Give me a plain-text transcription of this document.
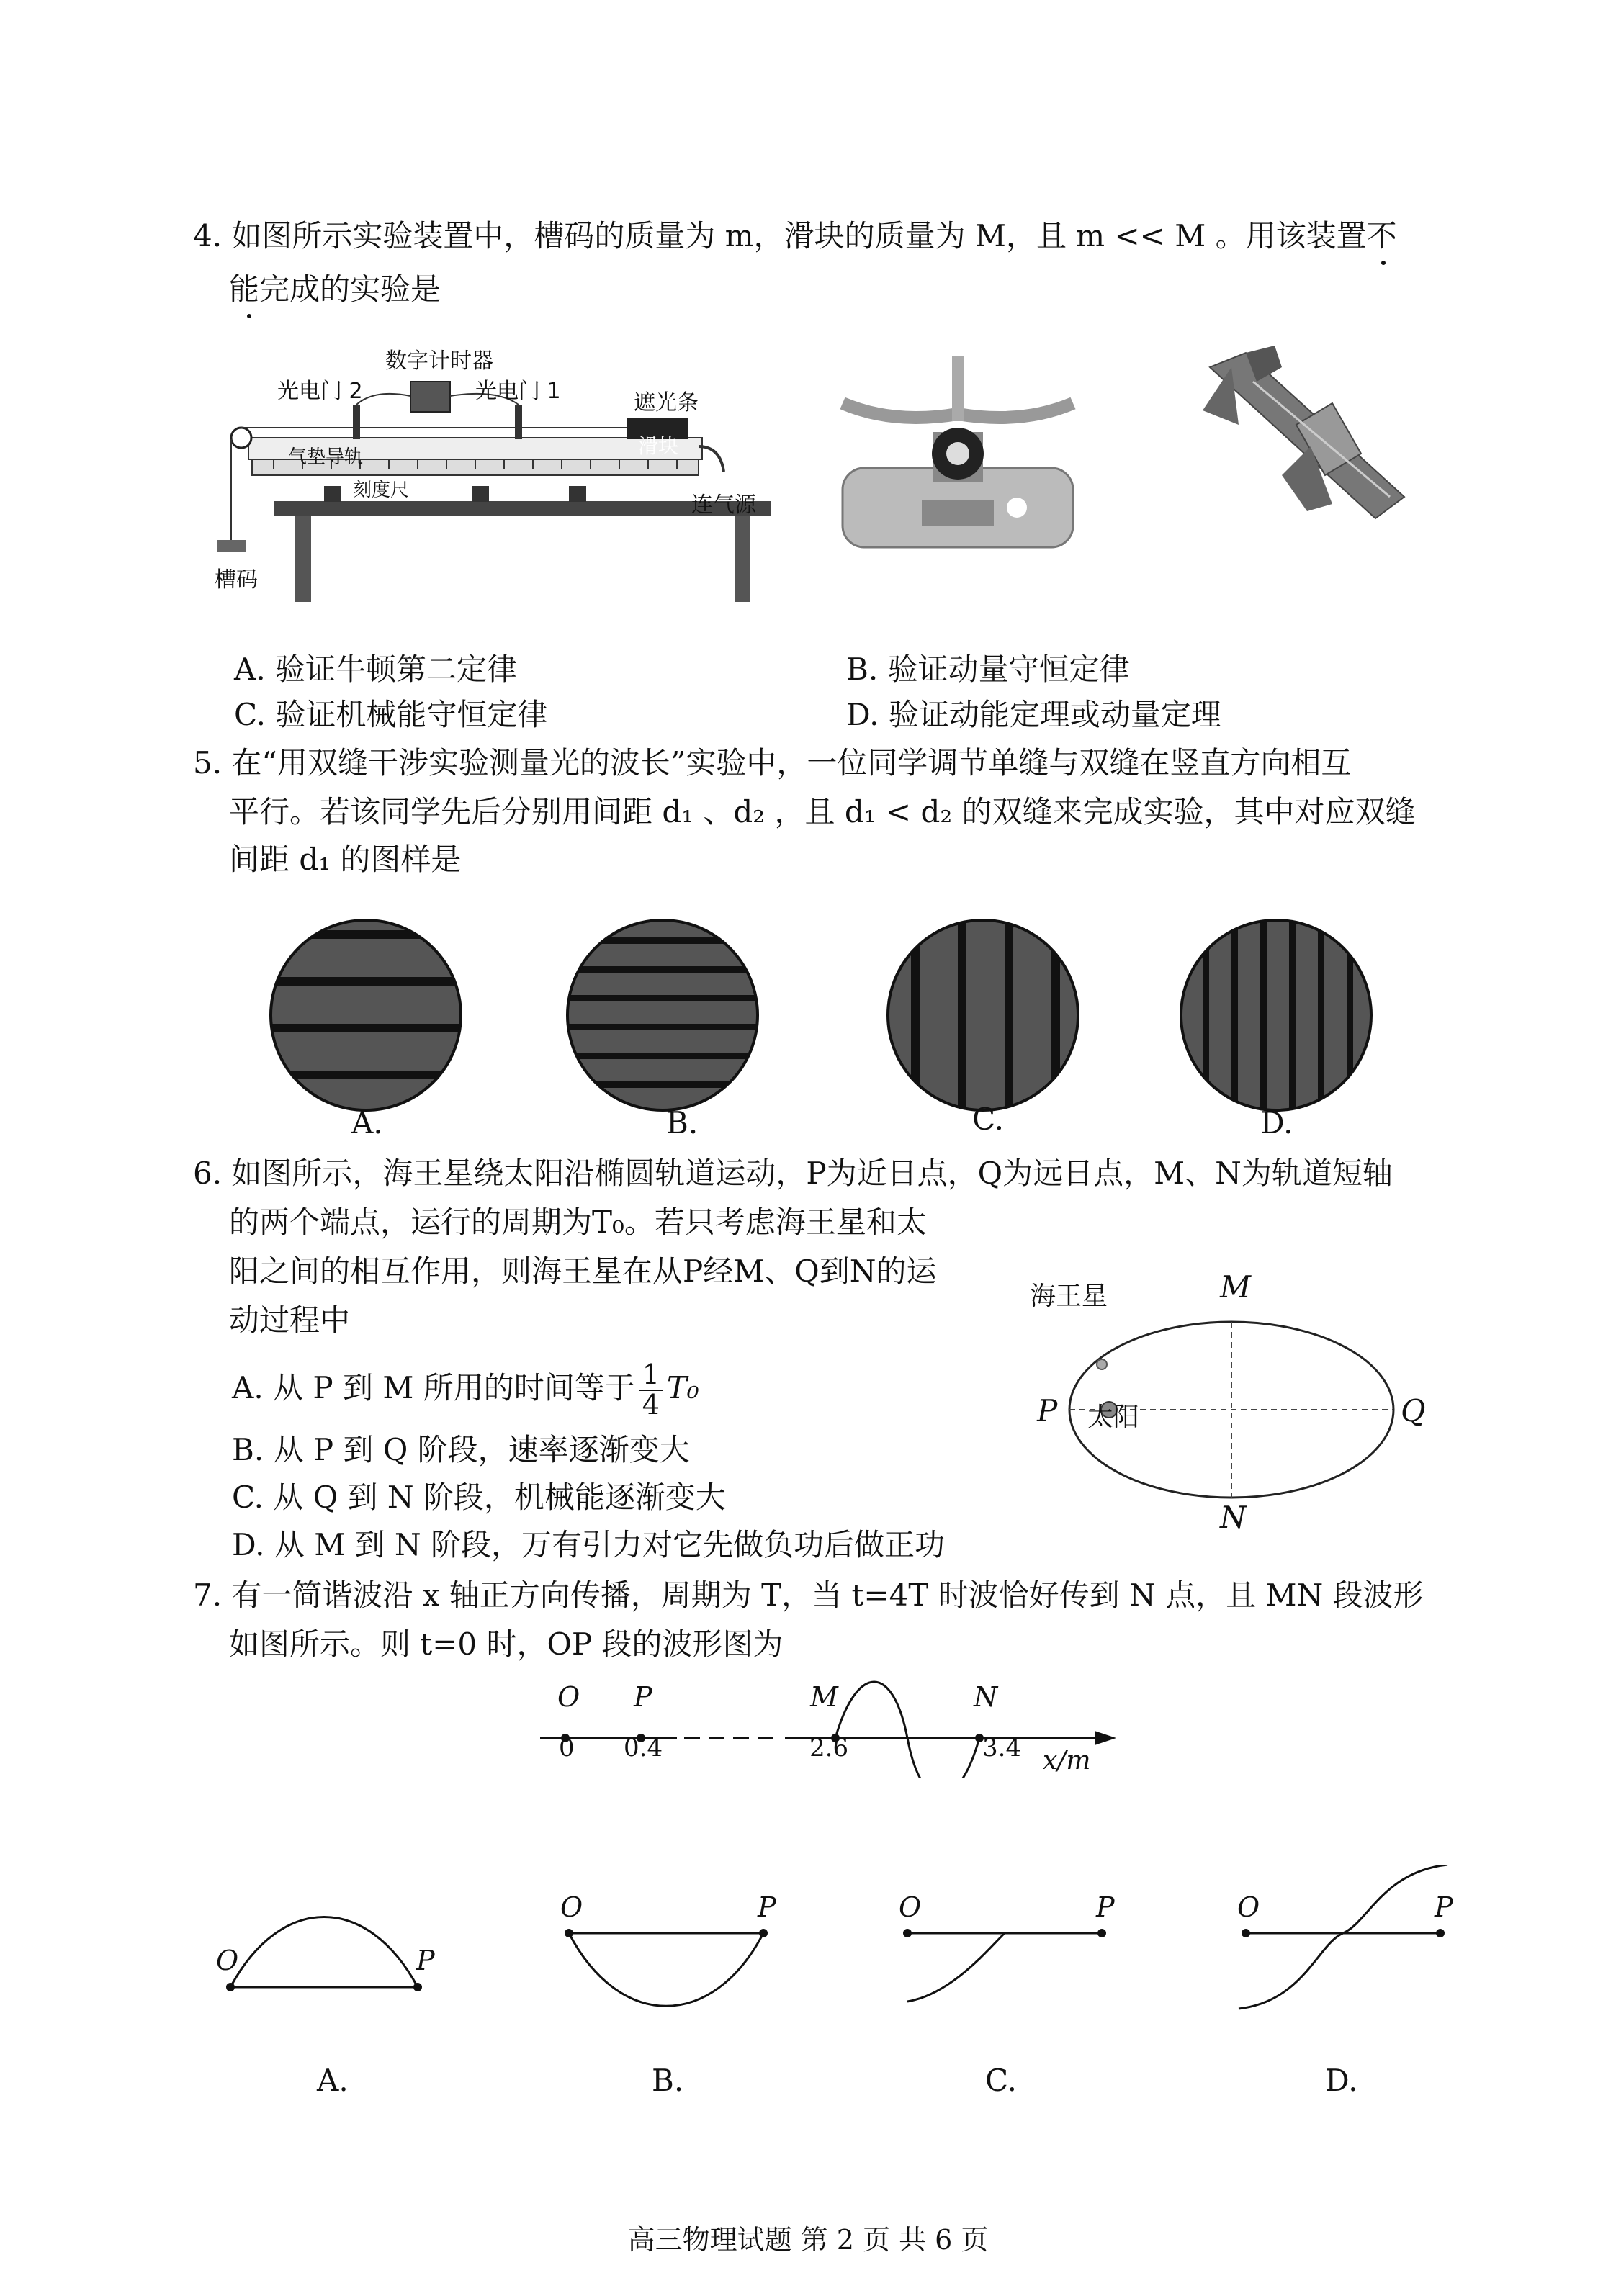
4. 如图所示实验装置中，槽码的质量为 m，滑块的质量为 M，且 m << M 。用该装置不
能完成的实验是
数字计时器
光电门 2	光电门 1	遮光条
滑块
气垫导轨
刻度尺
连气源
槽码
A. 验证牛顿第二定律	B. 验证动量守恒定律
C. 验证机械能守恒定律	D. 验证动能定理或动量定理
5. 在“用双缝干涉实验测量光的波长”实验中，一位同学调节单缝与双缝在竖直方向相互
平行。若该同学先后分别用间距 d₁ 、d₂ ，且 d₁ < d₂ 的双缝来完成实验，其中对应双缝
间距 d₁ 的图样是
A.	B.	C.	D.
6. 如图所示，海王星绕太阳沿椭圆轨道运动，P为近日点，Q为远日点，M、N为轨道短轴
的两个端点，运行的周期为T₀。若只考虑海王星和太
阳之间的相互作用，则海王星在从P经M、Q到N的运
动过程中
A. 从 P 到 M 所用的时间等于 $\frac{1}{4} T_0$
B. 从 P 到 Q 阶段，速率逐渐变大
C. 从 Q 到 N 阶段，机械能逐渐变大
D. 从 M 到 N 阶段，万有引力对它先做负功后做正功
海王星
太阳
P	Q
M
N
7. 有一简谐波沿 x 轴正方向传播，周期为 T，当 t=4T 时波恰好传到 N 点，且 MN 段波形
如图所示。则 t=0 时，OP 段的波形图为
O P	M	N
0 0.4	2.6	3.4 x/m
O	P
O	P	O	P	O	P
A.	B.	C.	D.
高三物理试题 第 2 页 共 6 页
